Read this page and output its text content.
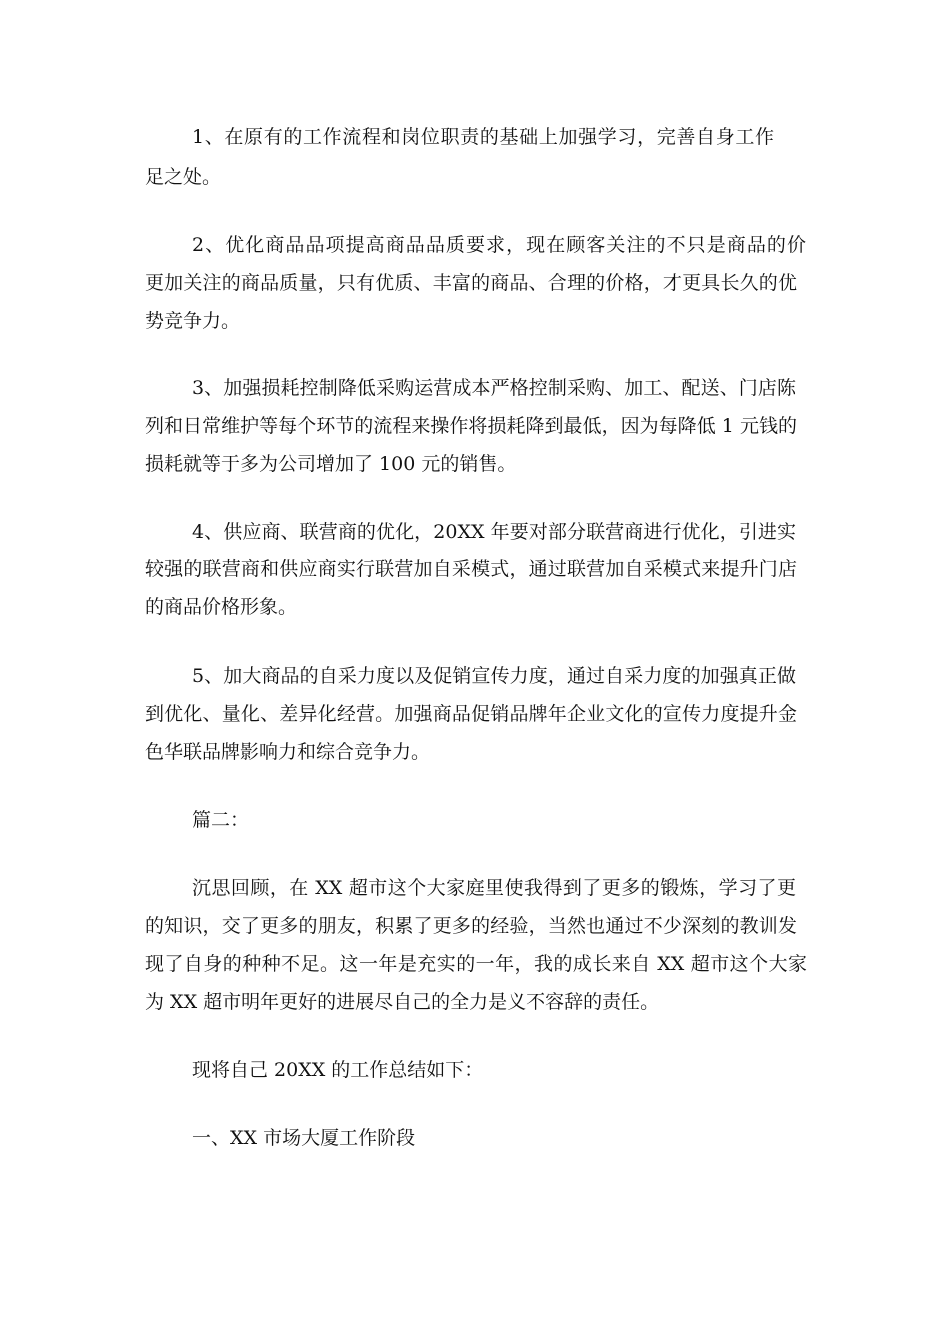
1、在原有的工作流程和岗位职责的基础上加强学习，完善自身工作
足之处。
2、优化商品品项提高商品品质要求，现在顾客关注的不只是商品的价
更加关注的商品质量，只有优质、丰富的商品、合理的价格，才更具长久的优
势竞争力。
3、加强损耗控制降低采购运营成本严格控制采购、加工、配送、门店陈
列和日常维护等每个环节的流程来操作将损耗降到最低，因为每降低 1 元钱的
损耗就等于多为公司增加了 100 元的销售。
4、供应商、联营商的优化，20XX 年要对部分联营商进行优化，引进实
较强的联营商和供应商实行联营加自采模式，通过联营加自采模式来提升门店
的商品价格形象。
5、加大商品的自采力度以及促销宣传力度，通过自采力度的加强真正做
到优化、量化、差异化经营。加强商品促销品牌年企业文化的宣传力度提升金
色华联品牌影响力和综合竞争力。
篇二：
沉思回顾，在 XX 超市这个大家庭里使我得到了更多的锻炼，学习了更
的知识，交了更多的朋友，积累了更多的经验，当然也通过不少深刻的教训发
现了自身的种种不足。这一年是充实的一年，我的成长来自 XX 超市这个大家
为 XX 超市明年更好的进展尽自己的全力是义不容辞的责任。
现将自己 20XX 的工作总结如下：
一、XX 市场大厦工作阶段
